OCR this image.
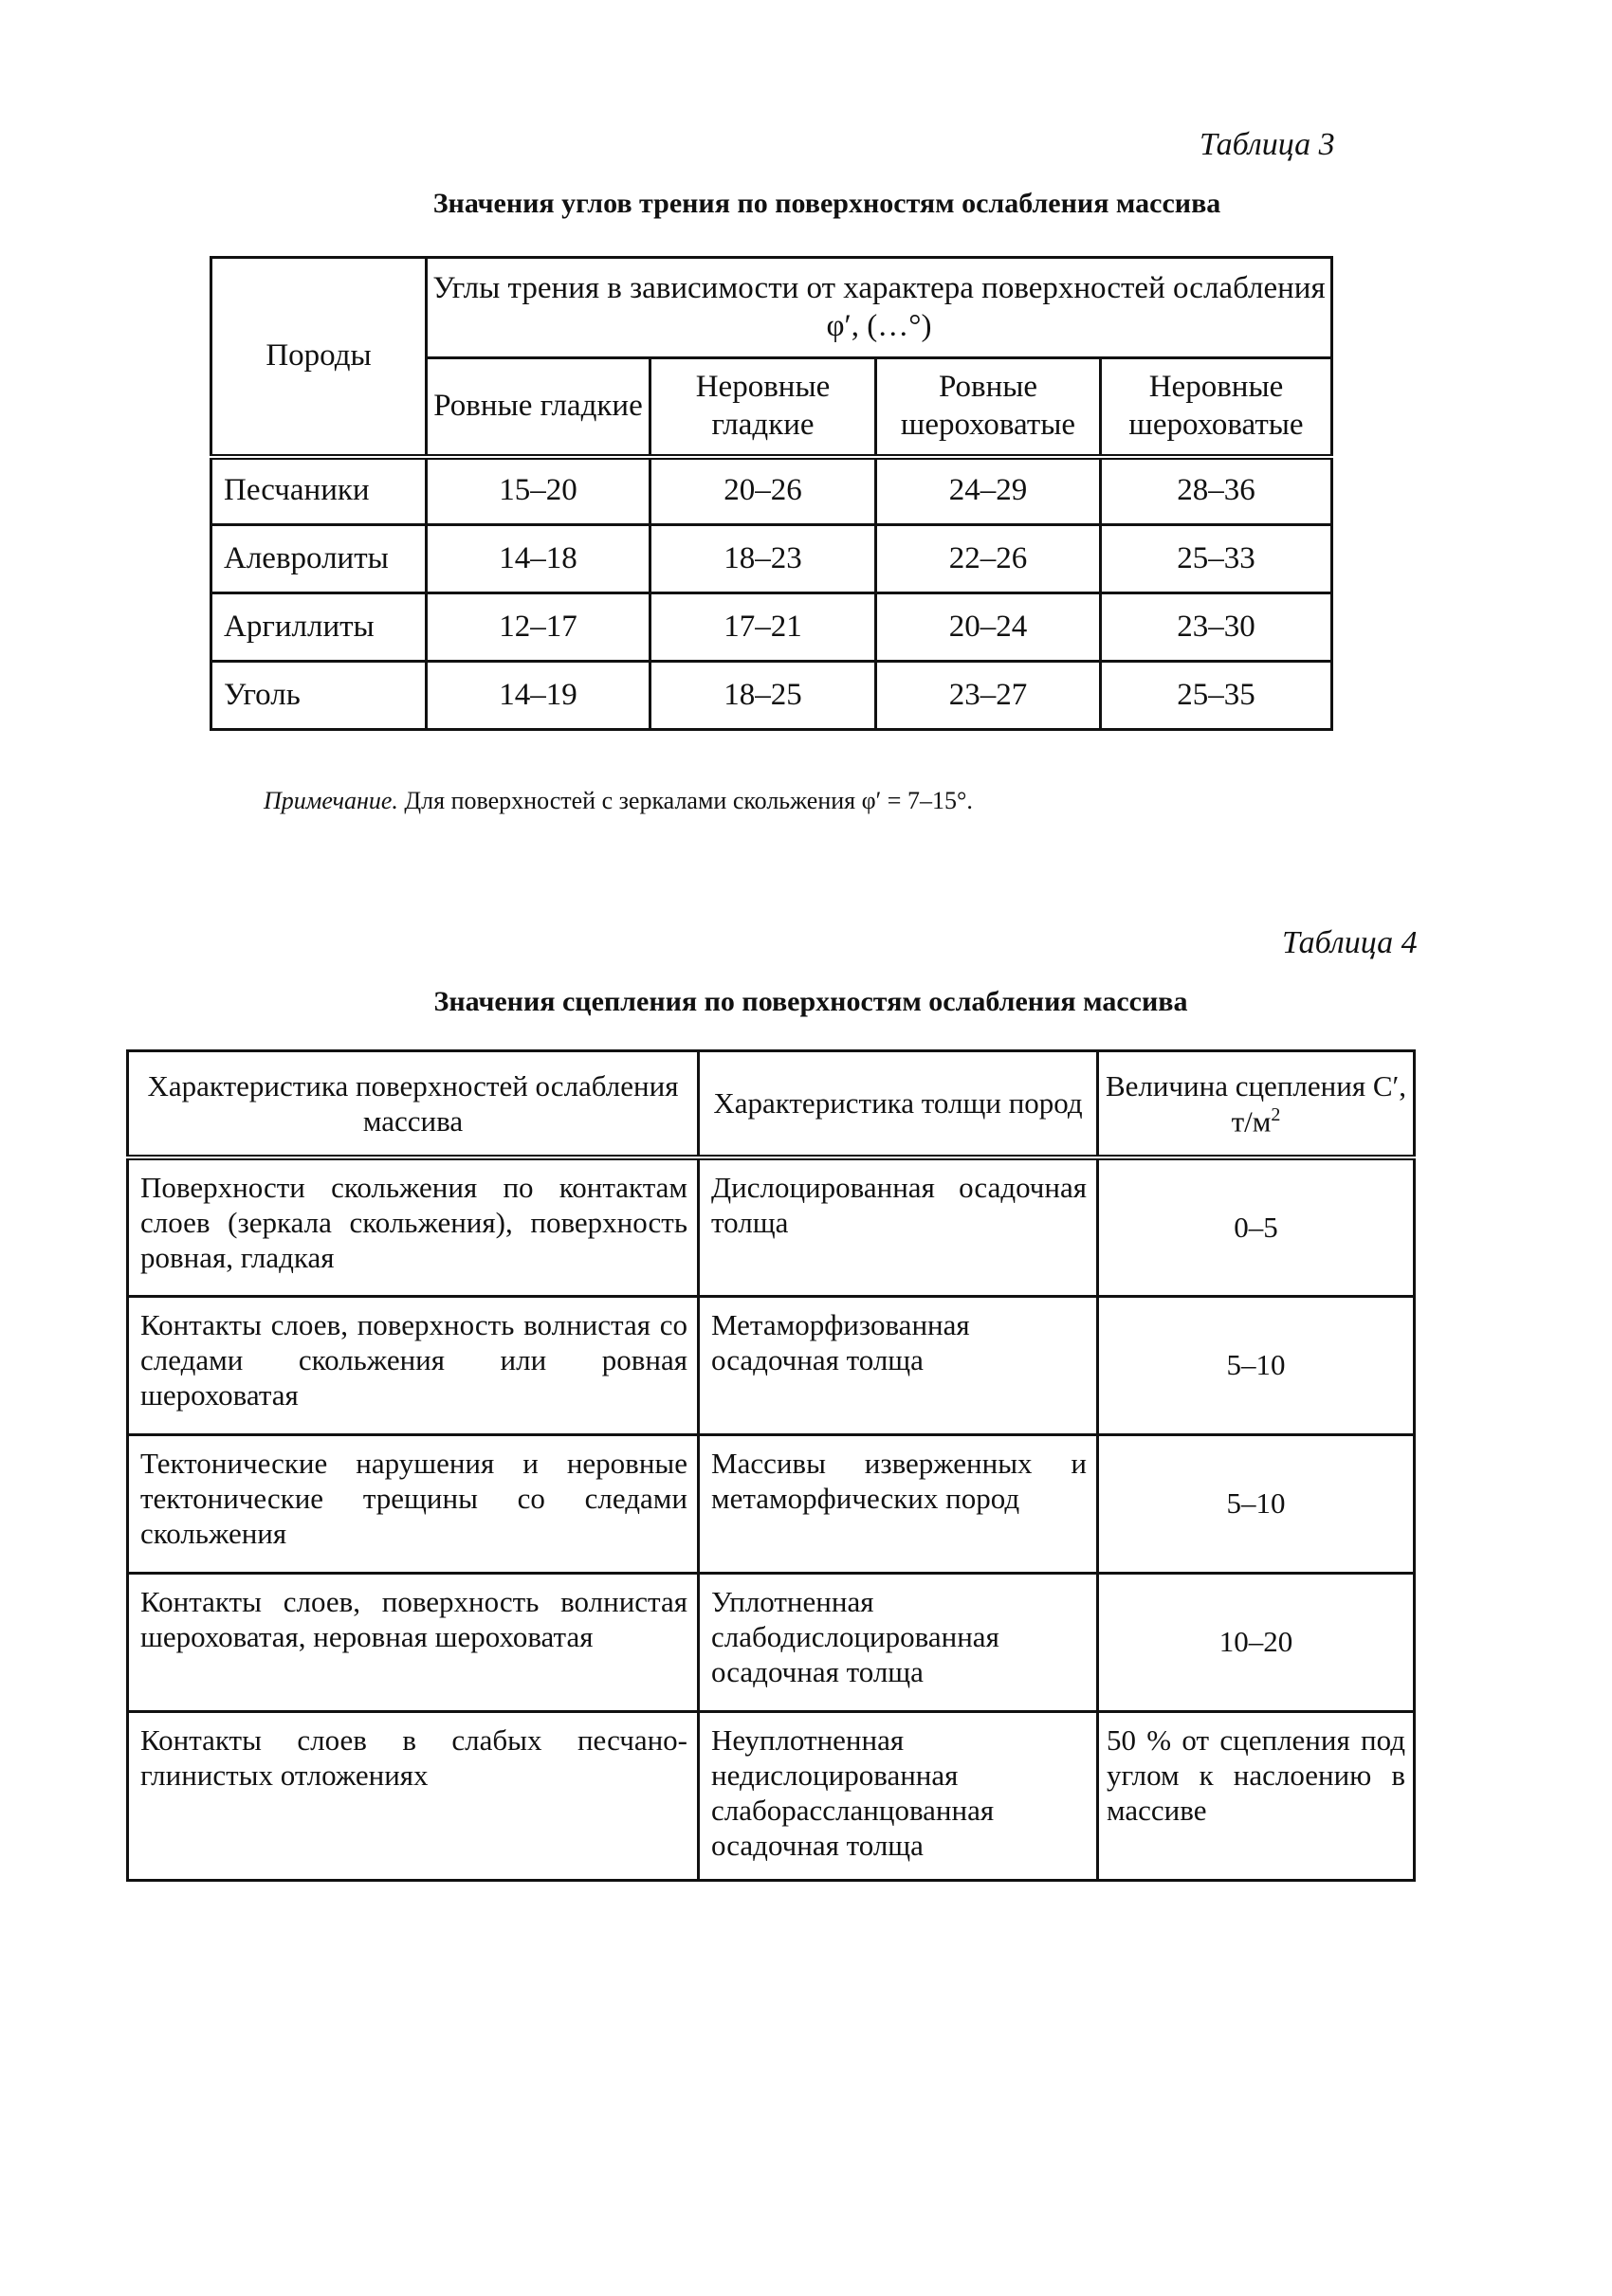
Таблица 3
Значения углов трения по поверхностям ослабления массива
Породы	Углы трения в зависимости от характера поверхностей ослабления φ′, (…°)			
	Ровные гладкие	Неровные гладкие	Ровные шероховатые	Неровные шероховатые
Песчаники	15–20	20–26	24–29	28–36
Алевролиты	14–18	18–23	22–26	25–33
Аргиллиты	12–17	17–21	20–24	23–30
Уголь	14–19	18–25	23–27	25–35
Примечание. Для поверхностей с зеркалами скольжения φ′ = 7–15°.
Таблица 4
Значения сцепления по поверхностям ослабления массива
Характеристика поверхностей ослабления массива	Характеристика толщи пород	Величина сцепления C′, $т/м^2$
Поверхности скольжения по контактам слоев (зеркала скольжения), поверхность ровная, гладкая	Дислоцированная осадочная толща	0–5
Контакты слоев, поверхность волнистая со следами скольжения или ровная шероховатая	Метаморфизованная осадочная толща	5–10
Тектонические нарушения и неровные тектонические трещины со следами скольжения	Массивы изверженных и метаморфических пород	5–10
Контакты слоев, поверхность волнистая шероховатая, неровная шероховатая	Уплотненная слабодислоцированная осадочная толща	10–20
Контакты слоев в слабых песчано-глинистых отложениях	Неуплотненная недислоцированная слаборассланцованная осадочная толща	50 % от сцепления под углом к наслоению в массиве
